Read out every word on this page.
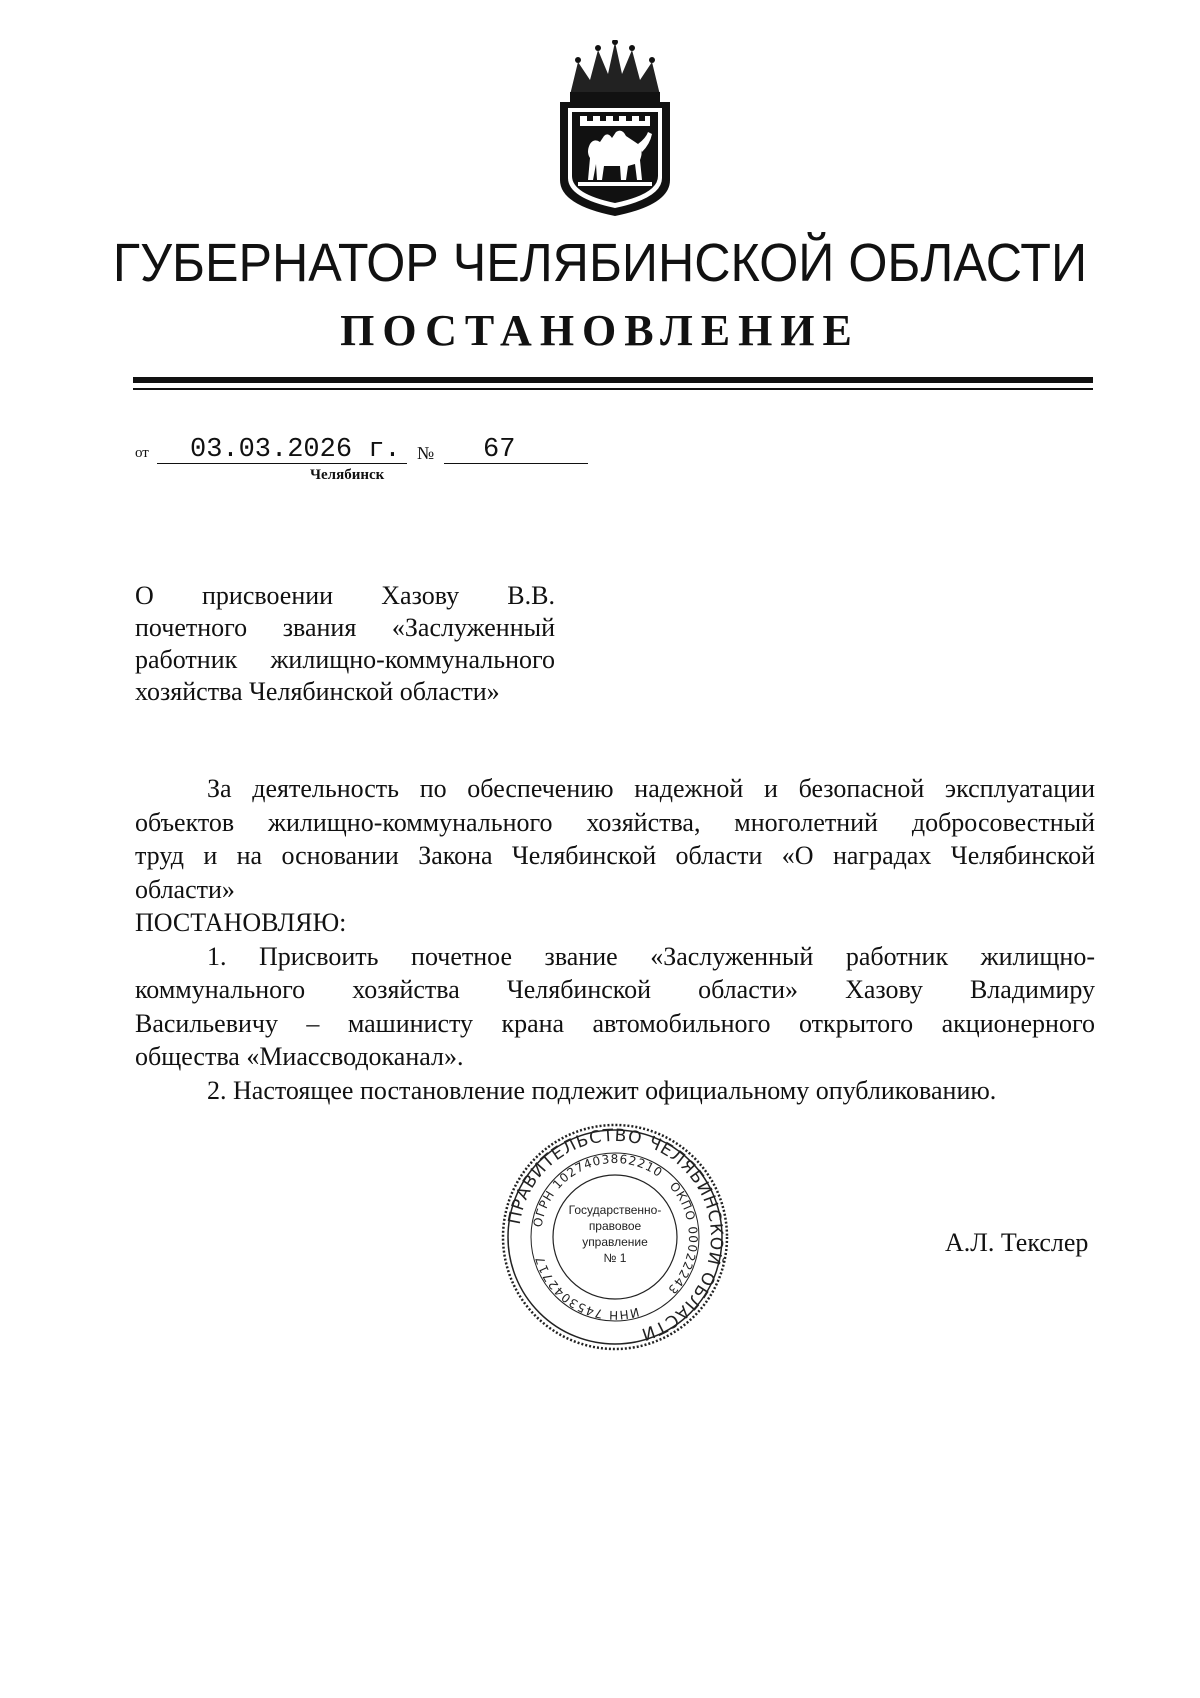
ГУБЕРНАТОР ЧЕЛЯБИНСКОЙ ОБЛАСТИ
ПОСТАНОВЛЕНИЕ
от 03.03.2026 г. № 67
Челябинск
О присвоении Хазову В.В.
почетного звания «Заслуженный
работник жилищно-коммунального
хозяйства Челябинской области»
За деятельность по обеспечению надежной и безопасной эксплуатации
объектов жилищно-коммунального хозяйства, многолетний добросовестный
труд и на основании Закона Челябинской области «О наградах Челябинской
области»
ПОСТАНОВЛЯЮ:
1. Присвоить почетное звание «Заслуженный работник жилищно-
коммунального хозяйства Челябинской области» Хазову Владимиру
Васильевичу – машинисту крана автомобильного открытого акционерного
общества «Миассводоканал».
2. Настоящее постановление подлежит официальному опубликованию.
ПРАВИТЕЛЬСТВО ЧЕЛЯБИНСКОЙ ОБЛАСТИ
ОГРН 1027403862210
ОКПО 00022243
ИНН 7453042717
Государственно-
правовое
управление
№ 1
А.Л. Текслер
